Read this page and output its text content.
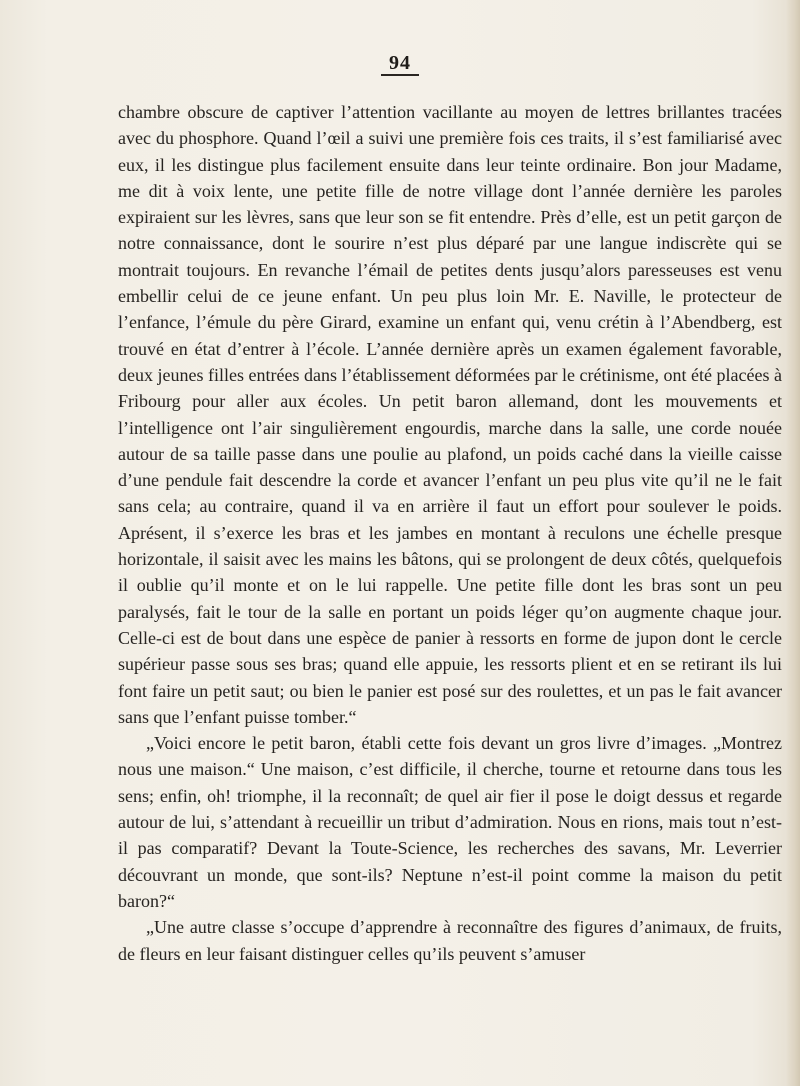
94

chambre obscure de captiver l’attention vacillante au moyen de lettres brillantes tracées avec du phosphore. Quand l’œil a suivi une première fois ces traits, il s’est familiarisé avec eux, il les distingue plus facilement ensuite dans leur teinte ordinaire. Bon jour Madame, me dit à voix lente, une petite fille de notre village dont l’année dernière les paroles expiraient sur les lèvres, sans que leur son se fit entendre. Près d’elle, est un petit garçon de notre connaissance, dont le sourire n’est plus déparé par une langue indiscrète qui se montrait toujours. En revanche l’émail de petites dents jusqu’alors paresseuses est venu embellir celui de ce jeune enfant. Un peu plus loin Mr. E. Naville, le protecteur de l’enfance, l’émule du père Girard, examine un enfant qui, venu crétin à l’Abendberg, est trouvé en état d’entrer à l’école. L’année dernière après un examen également favorable, deux jeunes filles entrées dans l’établissement déformées par le crétinisme, ont été placées à Fribourg pour aller aux écoles. Un petit baron allemand, dont les mouvements et l’intelligence ont l’air singulièrement engourdis, marche dans la salle, une corde nouée autour de sa taille passe dans une poulie au plafond, un poids caché dans la vieille caisse d’une pendule fait descendre la corde et avancer l’enfant un peu plus vite qu’il ne le fait sans cela; au contraire, quand il va en arrière il faut un effort pour soulever le poids. Aprésent, il s’exerce les bras et les jambes en montant à reculons une échelle presque horizontale, il saisit avec les mains les bâtons, qui se prolongent de deux côtés, quelquefois il oublie qu’il monte et on le lui rappelle. Une petite fille dont les bras sont un peu paralysés, fait le tour de la salle en portant un poids léger qu’on augmente chaque jour. Celle-ci est de bout dans une espèce de panier à ressorts en forme de jupon dont le cercle supérieur passe sous ses bras; quand elle appuie, les ressorts plient et en se retirant ils lui font faire un petit saut; ou bien le panier est posé sur des roulettes, et un pas le fait avancer sans que l’enfant puisse tomber.“

„Voici encore le petit baron, établi cette fois devant un gros livre d’images. „Montrez nous une maison.“ Une maison, c’est difficile, il cherche, tourne et retourne dans tous les sens; enfin, oh! triomphe, il la reconnaît; de quel air fier il pose le doigt dessus et regarde autour de lui, s’attendant à recueillir un tribut d’admiration. Nous en rions, mais tout n’est-il pas comparatif? Devant la Toute-Science, les recherches des savans, Mr. Leverrier découvrant un monde, que sont-ils? Neptune n’est-il point comme la maison du petit baron?“

„Une autre classe s’occupe d’apprendre à reconnaître des figures d’animaux, de fruits, de fleurs en leur faisant distinguer celles qu’ils peuvent s’amuser
